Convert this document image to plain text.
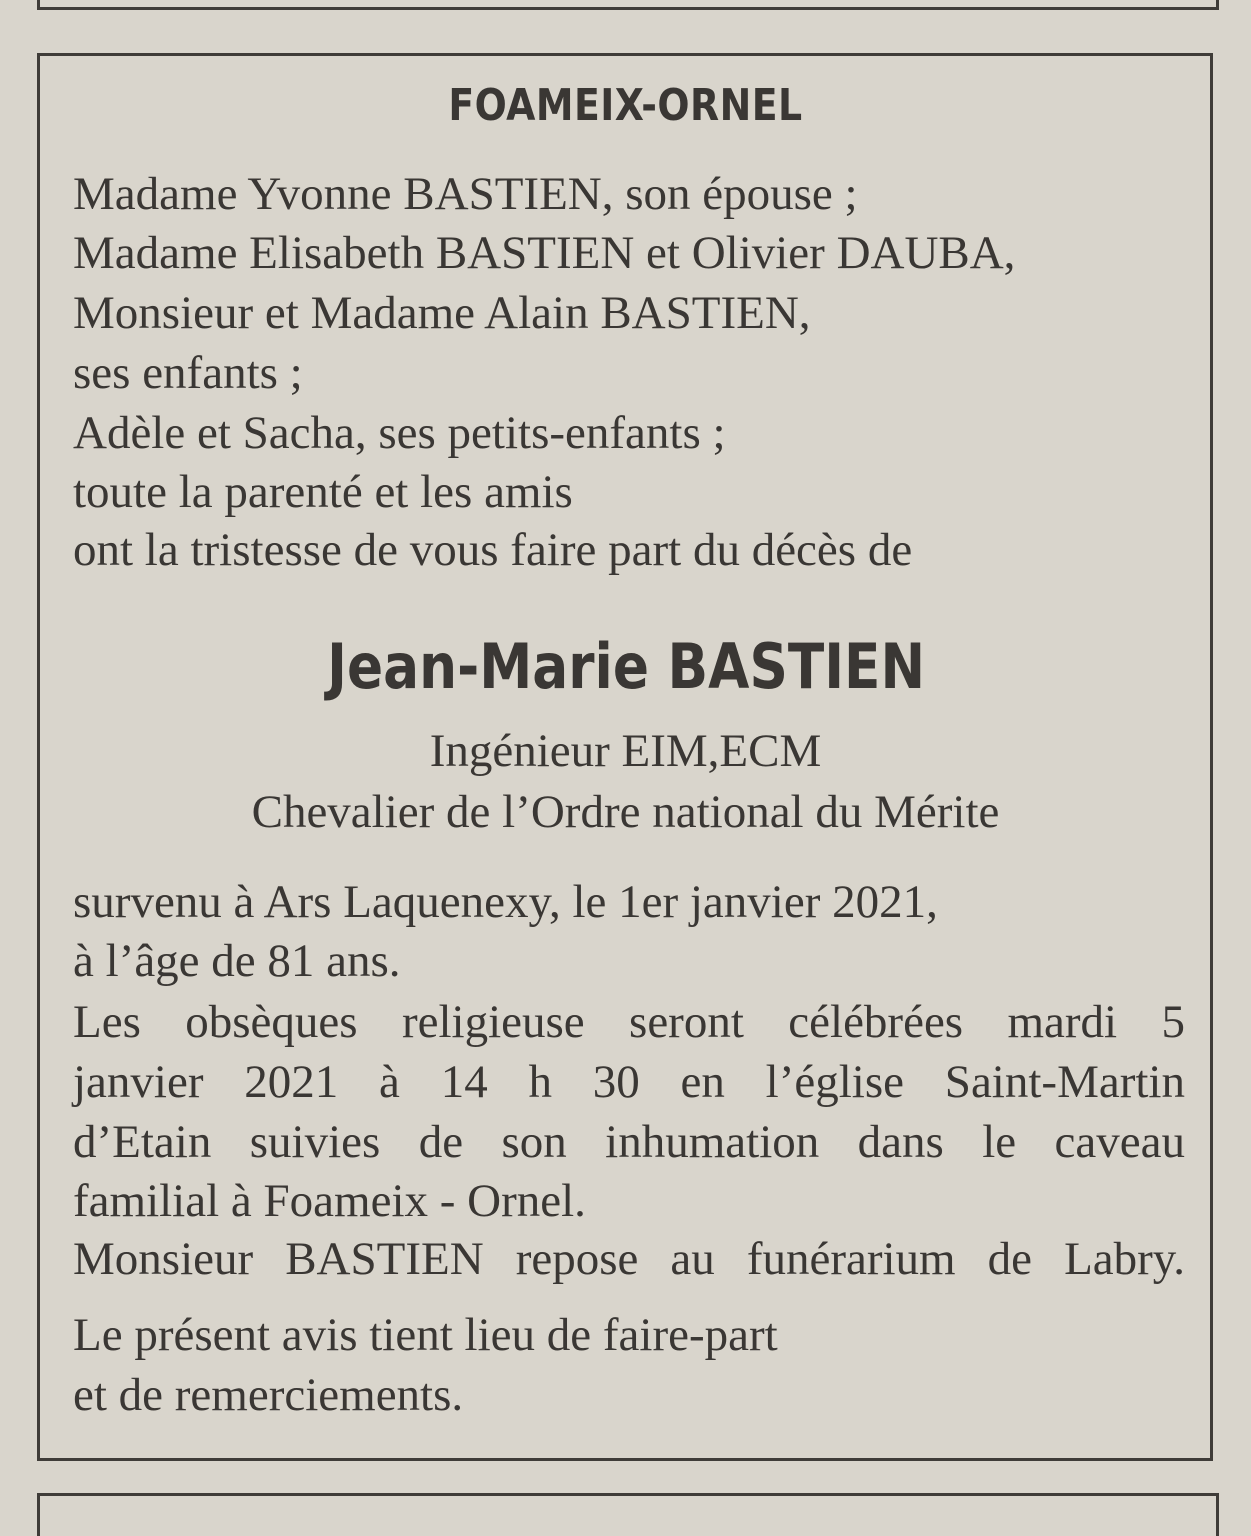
FOAMEIX-ORNEL

Madame Yvonne BASTIEN, son épouse ;

Madame Elisabeth BASTIEN et Olivier DAUBA,

Monsieur et Madame Alain BASTIEN,

ses enfants ;

Adèle et Sacha, ses petits-enfants ;

toute la parenté et les amis

ont la tristesse de vous faire part du décès de

Jean-Marie BASTIEN
Ingénieur EIM,ECM
Chevalier de l’Ordre national du Mérite

survenu à Ars Laquenexy, le 1er janvier 2021,

à l’âge de 81 ans.

Les obsèques religieuse seront célébrées mardi 5

janvier 2021 à 14 h 30 en l’église Saint-Martin

d’Etain suivies de son inhumation dans le caveau

familial à Foameix - Ornel.

Monsieur BASTIEN repose au funérarium de Labry.

Le présent avis tient lieu de faire-part

et de remerciements.
